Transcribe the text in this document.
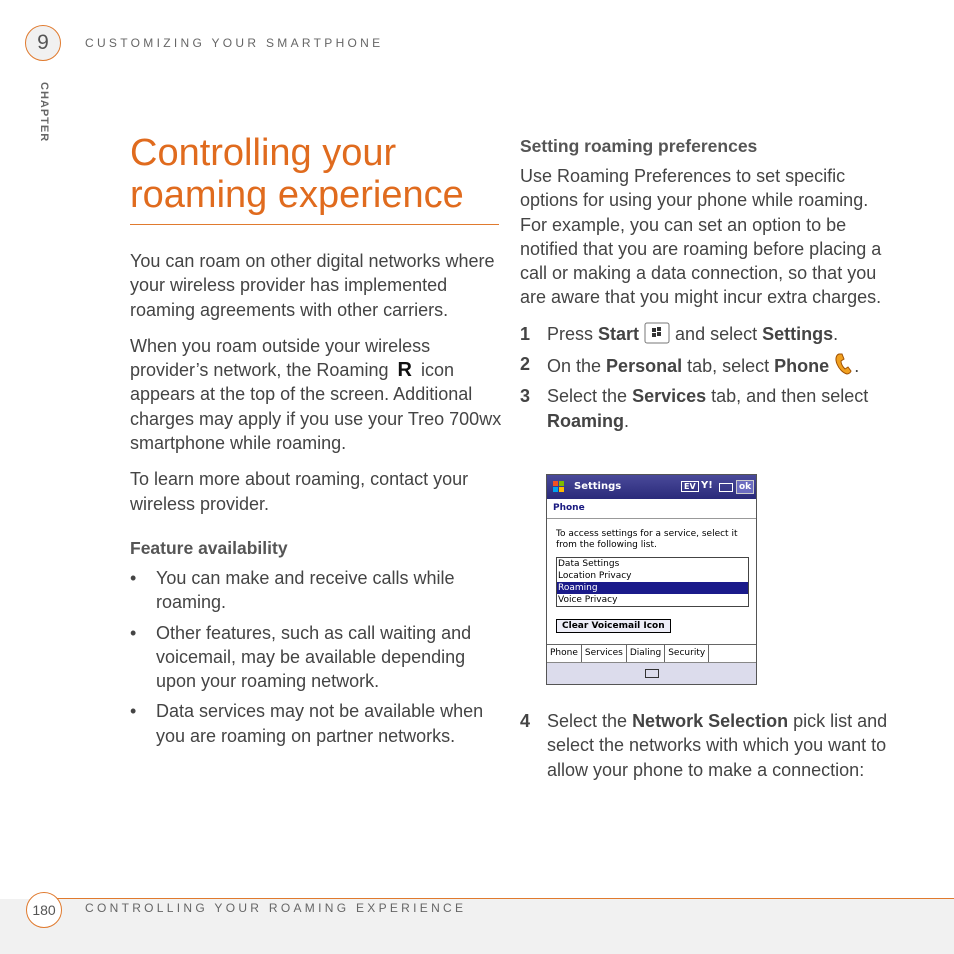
9	CUSTOMIZING YOUR SMARTPHONE
CHAPTER
Controlling your roaming experience

You can roam on other digital networks where your wireless provider has implemented roaming agreements with other carriers.

When you roam outside your wireless provider’s network, the Roaming R icon appears at the top of the screen. Additional charges may apply if you use your Treo 700wx smartphone while roaming.

To learn more about roaming, contact your wireless provider.

Feature availability
• You can make and receive calls while roaming.
• Other features, such as call waiting and voicemail, may be available depending upon your roaming network.
• Data services may not be available when you are roaming on partner networks.
Setting roaming preferences

Use Roaming Preferences to set specific options for using your phone while roaming. For example, you can set an option to be notified that you are roaming before placing a call or making a data connection, so that you are aware that you might incur extra charges.

1 Press Start  and select Settings.
2 On the Personal tab, select Phone .
3 Select the Services tab, and then select Roaming.
Settings	EV Y!	ok
Phone
To access settings for a service, select it from the following list.
Data Settings
Location Privacy
Roaming
Voice Privacy
Clear Voicemail Icon
Phone Services Dialing Security
4 Select the Network Selection pick list and select the networks with which you want to allow your phone to make a connection:
180	CONTROLLING YOUR ROAMING EXPERIENCE
